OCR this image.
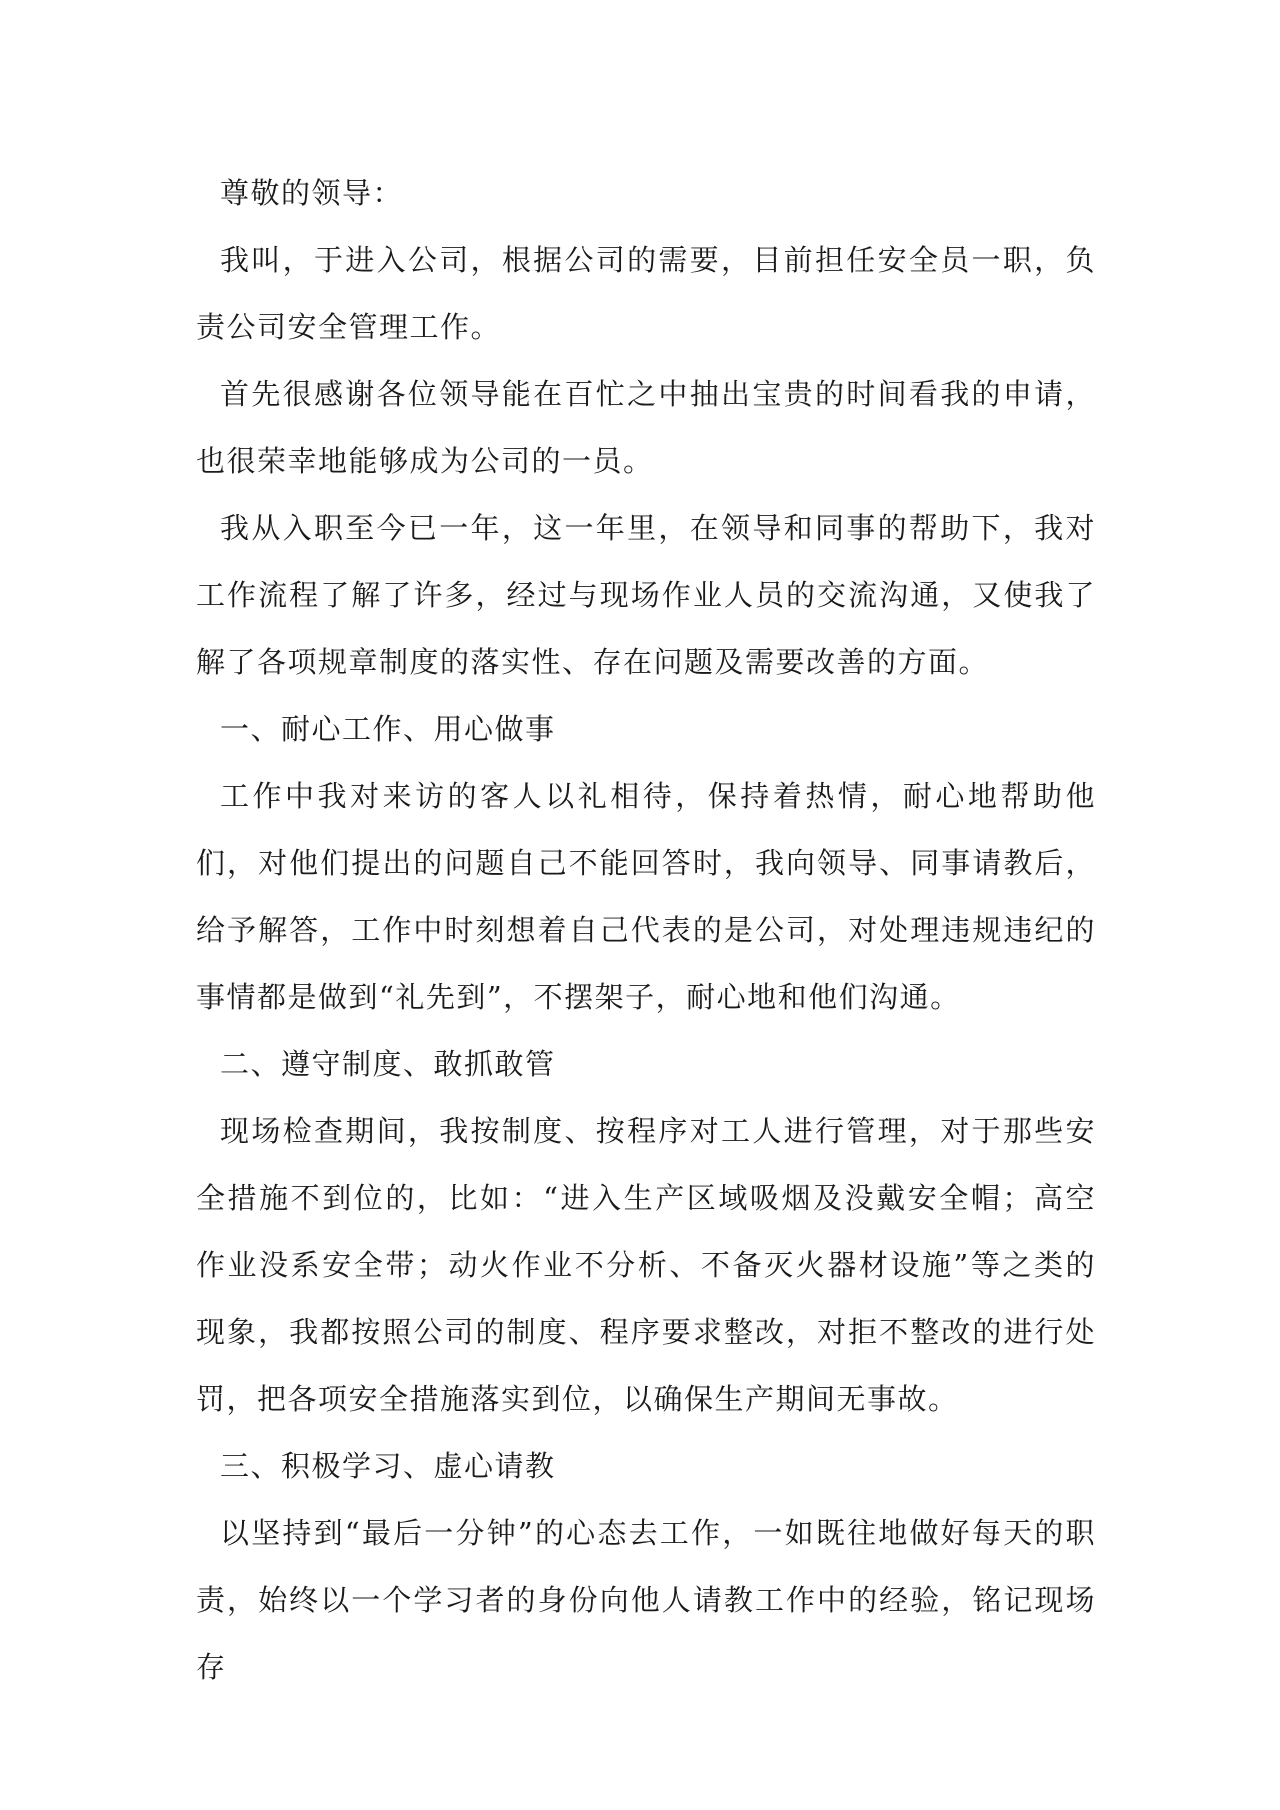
尊敬的领导：

我叫，于进入公司，根据公司的需要，目前担任安全员一职，负责公司安全管理工作。

首先很感谢各位领导能在百忙之中抽出宝贵的时间看我的申请，也很荣幸地能够成为公司的一员。

我从入职至今已一年，这一年里，在领导和同事的帮助下，我对工作流程了解了许多，经过与现场作业人员的交流沟通，又使我了解了各项规章制度的落实性、存在问题及需要改善的方面。

一、耐心工作、用心做事

工作中我对来访的客人以礼相待，保持着热情，耐心地帮助他们，对他们提出的问题自己不能回答时，我向领导、同事请教后，给予解答，工作中时刻想着自己代表的是公司，对处理违规违纪的事情都是做到“礼先到”，不摆架子，耐心地和他们沟通。

二、遵守制度、敢抓敢管

现场检查期间，我按制度、按程序对工人进行管理，对于那些安全措施不到位的，比如：“进入生产区域吸烟及没戴安全帽；高空作业没系安全带；动火作业不分析、不备灭火器材设施”等之类的现象，我都按照公司的制度、程序要求整改，对拒不整改的进行处罚，把各项安全措施落实到位，以确保生产期间无事故。

三、积极学习、虚心请教

以坚持到“最后一分钟”的心态去工作，一如既往地做好每天的职责，始终以一个学习者的身份向他人请教工作中的经验，铭记现场存
